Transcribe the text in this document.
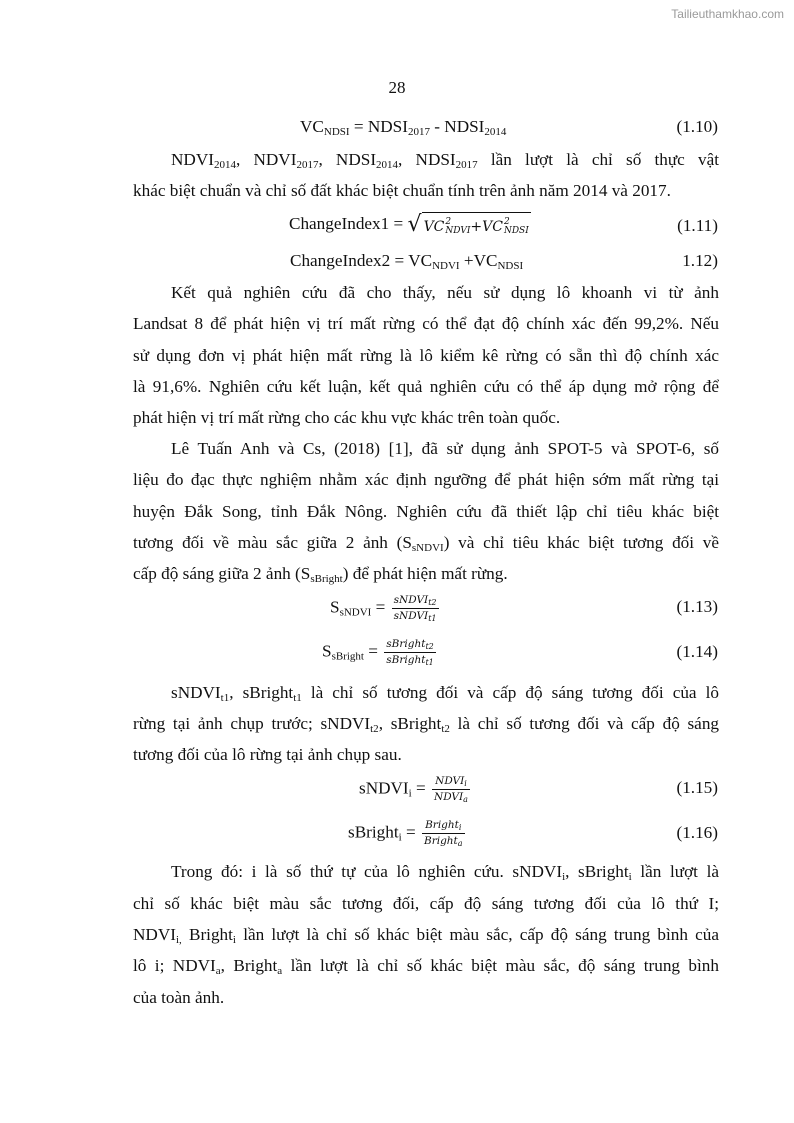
Tailieuthamkhao.com
28
$VC_{NDSI}$ = $NDSI_{2017}$ - $NDSI_{2014}$	(1.10)
$NDVI_{2014}$, $NDVI_{2017}$, $NDSI_{2014}$, $NDSI_{2017}$ lần lượt là chỉ số thực vật
khác biệt chuẩn và chỉ số đất khác biệt chuẩn tính trên ảnh năm 2014 và 2017.
ChangeIndex1 = √ VC 2
NDVI +VC 2
NDSI	(1.11)
ChangeIndex2 = $VC_{NDVI} +VC_{NDSI}$	1.12)
Kết quả nghiên cứu đã cho thấy, nếu sử dụng lô khoanh vi từ ảnh
Landsat 8 để phát hiện vị trí mất rừng có thể đạt độ chính xác đến 99,2%. Nếu
sử dụng đơn vị phát hiện mất rừng là lô kiểm kê rừng có sẵn thì độ chính xác
là 91,6%. Nghiên cứu kết luận, kết quả nghiên cứu có thể áp dụng mở rộng để
phát hiện vị trí mất rừng cho các khu vực khác trên toàn quốc.
Lê Tuấn Anh và Cs, (2018) [1], đã sử dụng ảnh SPOT-5 và SPOT-6, số
liệu đo đạc thực nghiệm nhằm xác định ngưỡng để phát hiện sớm mất rừng tại
huyện Đắk Song, tỉnh Đắk Nông. Nghiên cứu đã thiết lập chỉ tiêu khác biệt
tương đối về màu sắc giữa 2 ảnh $(S_{sNDVI})$ và chỉ tiêu khác biệt tương đối về
cấp độ sáng giữa 2 ảnh $(S_{sBright})$ để phát hiện mất rừng.
$S_{sNDVI} = \frac{sNDVI_{t2}}{sNDVI_{t1}}$	(1.13)
$S_{sBright} = \frac{sBright_{t2}}{sBright_{t1}}$	(1.14)
sNDVI$_{t1}$, sBright$_{t1}$ là chỉ số tương đối và cấp độ sáng tương đối của lô
rừng tại ảnh chụp trước; sNDVI$_{t2}$, sBright$_{t2}$ là chỉ số tương đối và cấp độ sáng
tương đối của lô rừng tại ảnh chụp sau.
sNDVI$_i$ = $\frac{NDVI_i}{NDVI_a}$	(1.15)
sBright$_i$ = $\frac{Bright_i}{Bright_a}$	(1.16)
Trong đó: i là số thứ tự của lô nghiên cứu. sNDVI$_i$, sBright$_i$ lần lượt là
chỉ số khác biệt màu sắc tương đối, cấp độ sáng tương đối của lô thứ I;
$NDVI_{i,}$ Bright$_i$ lần lượt là chỉ số khác biệt màu sắc, cấp độ sáng trung bình của
lô i; $NDVI_a$, Bright$_a$ lần lượt là chỉ số khác biệt màu sắc, độ sáng trung bình
của toàn ảnh.
